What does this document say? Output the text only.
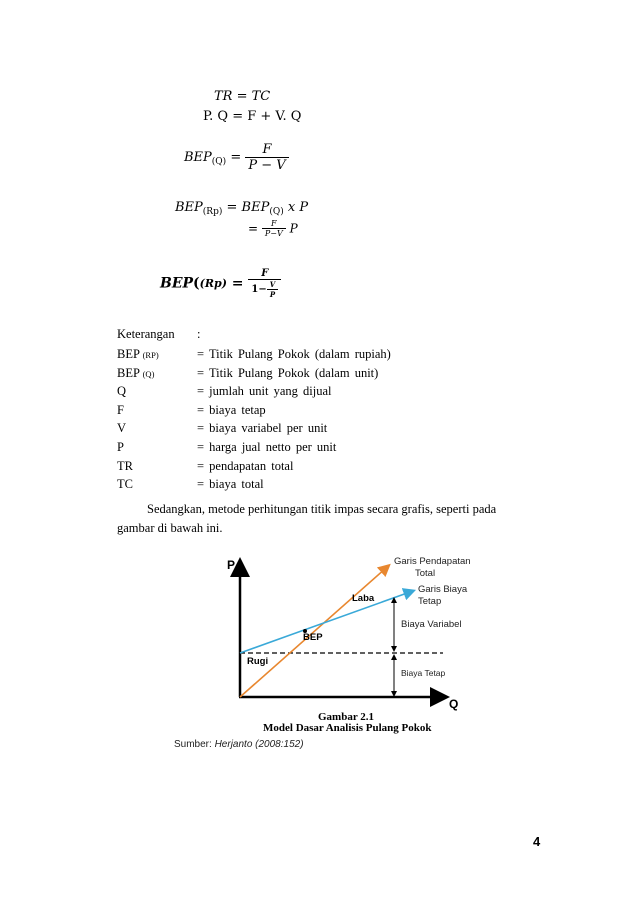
TR = TC
P. Q = F + V. Q
$BEP_{(Q)} = \frac{F}{P - V}$
$BEP_{(Rp)} = BEP_{(Q)}$ x P
= $\frac{F}{P-V}$ P
$BEP((Rp) = \frac{F}{1- \frac{V}{P}}$
Keterangan :
BEP (RP)	= Titik Pulang Pokok (dalam rupiah)
BEP (Q)	= Titik Pulang Pokok (dalam unit)
Q	= jumlah unit yang dijual
F	= biaya tetap
V	= biaya variabel per unit
P	= harga jual netto per unit
TR	= pendapatan total
TC	= biaya total
Sedangkan, metode perhitungan titik impas secara grafis, seperti pada
gambar di bawah ini.
P
Q
Garis Pendapatan
Total
Garis Biaya
Tetap
Laba
BEP
Rugi
Biaya Variabel
Biaya Tetap
Gambar 2.1
Model Dasar Analisis Pulang Pokok
Sumber: Herjanto (2008:152)
4
